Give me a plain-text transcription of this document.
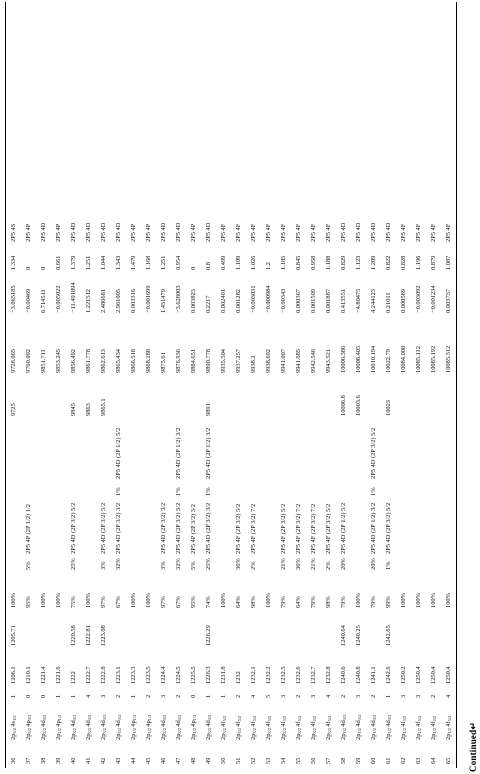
Continued↵
36
$2p_{5/2}$ $4s_{1/2}$
1
1206.1
1205.71
100%
9725
9728.065
−3.065185
1.334
2P5 4S
37
$2p_{5/2}$ $4p_{3/2}$
0
1210.1
95%
5%
2P5 4P (2P 1/2) 1/2
9760.092
−0.00469
0
2P5 4P
38
$2p_{3/2}$ $4d_{3/2}$
0
1221.4
100%
9851.711
6.714511
0
2P5 4D
39
$2p_{1/2}$ $4p_{1/2}$
1
1221.6
100%
9853.245
−0.005022
0.661
2P5 4P
40
$2p_{3/2}$ $4d_{3/2}$
1
1222
1220.58
75%
25%
2P5 4D (2P 3/2) 5/2
9845
9856.492
−11.491894
1.379
2P5 4D
41
$2p_{3/2}$ $4d_{3/2}$
4
1222.7
1222.81
100%
9863
9861.778
1.221512
1.251
2P5 4D
42
$2p_{3/2}$ $4d_{3/2}$
3
1222.8
1223.08
97%
3%
2P5 4D (2P 3/2) 5/2
9865.1
9862.613
2.486681
1.044
2P5 4D
43
$2p_{3/2}$ $4d_{3/2}$
2
1223.1
67%
32%
2P5 4D (2P 3/2) 3/2
1%
2P5 4D (2P 1/2) 5/2
9865.434
2.961005
1.343
2P5 4D
44
$2p_{1/2}$ $4p_{1/2}$
1
1223.3
100%
9866.518
0.003316
1.479
2P5 4P
45
$2p_{1/2}$ $4p_{1/2}$
2
1223.5
100%
9868.288
−0.001699
1.168
2P5 4P
46
$2p_{3/2}$ $4d_{3/2}$
3
1224.4
97%
3%
2P5 4D (2P 3/2) 3/2
9875.61
1.451479
1.251
2P5 4D
47
$2p_{3/2}$ $4d_{3/2}$
2
1224.5
67%
32%
2P5 4D (2P 3/2) 5/2
1%
2P5 4D (2P 1/2) 3/2
9876.936
−3.628003
0.954
2P5 4D
48
$2p_{1/2}$ $4p_{1/2}$
0
1225.5
95%
5%
2P5 4P (2P 3/2) 3/2
9884.651
0.003823
0
2P5 4P
49
$2p_{3/2}$ $4d_{3/2}$
1
1226.3
1226.29
74%
25%
2P5 4D (2P 3/2) 3/2
1%
2P5 4D (2P 1/2) 3/2
9891
9890.778
0.2217
0.8
2P5 4D
50
$2p_{3/2}$ $4f_{5/2}$
1
1231.8
100%
9935.504
0.002401
0.499
2P5 4F
51
$2p_{3/2}$ $4f_{5/2}$
2
1232
64%
36%
2P5 4F (2P 3/2) 5/2
9937.257
0.001282
1.109
2P5 4F
52
$2p_{3/2}$ $4f_{5/2}$
4
1232.1
98%
2%
2P5 4F (2P 3/2) 7/2
9938.2
−0.003031
1.026
2P5 4F
53
$2p_{3/2}$ $4f_{5/2}$
5
1232.2
100%
9938.692
−0.000984
1.2
2P5 4F
54
$2p_{3/2}$ $4f_{5/2}$
3
1232.5
79%
21%
2P5 4F (2P 3/2) 5/2
9941.007
−0.00343
1.185
2P5 4F
55
$2p_{3/2}$ $4f_{5/2}$
2
1232.6
64%
36%
2P5 4F (2P 3/2) 7/2
9941.685
0.000367
0.845
2P5 4F
56
$2p_{3/2}$ $4f_{5/2}$
3
1232.7
79%
21%
2P5 4F (2P 3/2) 7/2
9942.546
0.001509
0.958
2P5 4F
57
$2p_{3/2}$ $4f_{5/2}$
4
1232.8
98%
2%
2P5 4F (2P 3/2) 5/2
9943.521
0.001887
1.188
2P5 4F
58
$2p_{1/2}$ $4d_{3/2}$
2
1240.6
1240.64
79%
20%
2P5 4D (2P 1/2) 5/2
10006.8
10006.386
0.413551
0.829
2P5 4D
59
$2p_{1/2}$ $4d_{3/2}$
3
1240.8
1240.25
100%
10003.6
10008.405
−4.80475
1.123
2P5 4D
60
$2p_{1/2}$ $4d_{3/2}$
2
1241.1
79%
20%
2P5 4D (2P 1/2) 3/2
1%
2P5 4D (2P 3/2) 5/2
10010.194
4.244123
1.209
2P5 4D
61
$2p_{1/2}$ $4d_{3/2}$
1
1242.6
1242.65
99%
1%
2P5 4D (2P 3/2) 5/2
10023
10022.79
0.21011
0.822
2P5 4D
62
$2p_{1/2}$ $4f_{5/2}$
3
1250.2
100%
10084.008
0.000589
0.828
2P5 4F
63
$2p_{1/2}$ $4f_{5/2}$
3
1250.4
100%
10085.112
−0.003092
1.196
2P5 4F
64
$2p_{1/2}$ $4f_{5/2}$
2
1250.4
100%
10085.192
−0.001234
0.879
2P5 4F
65
$2p_{1/2}$ $4f_{5/2}$
4
1250.4
100%
10085.312
0.003737
1.087
2P5 4F
